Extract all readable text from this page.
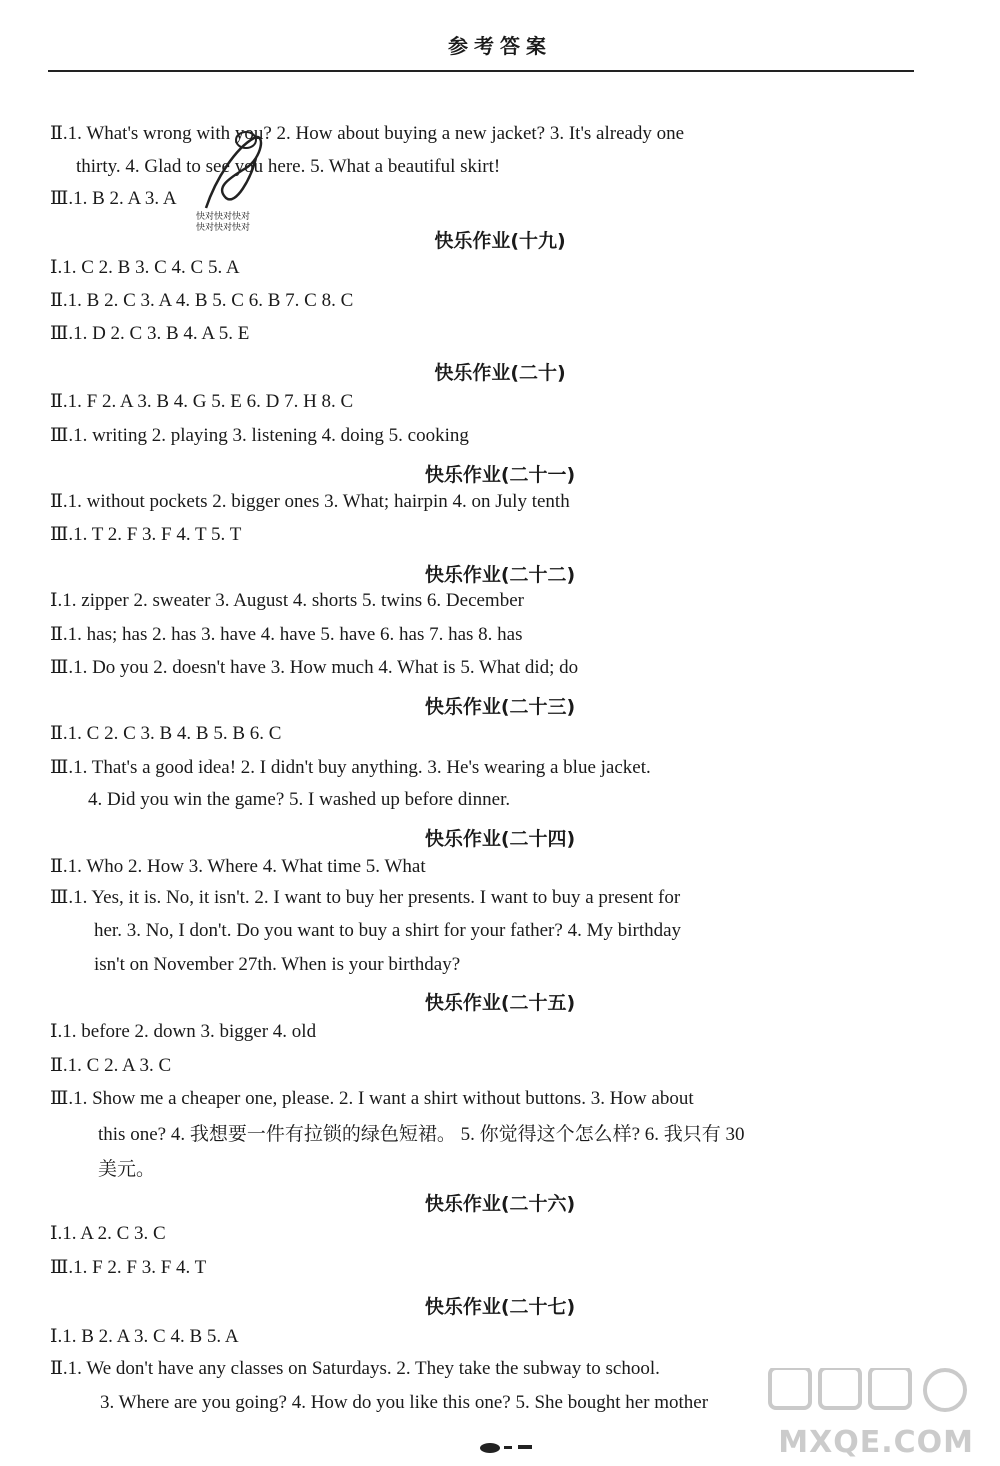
参考答案
Ⅱ.1. What's wrong with you? 2. How about buying a new jacket? 3. It's already one
thirty. 4. Glad to see you here. 5. What a beautiful skirt!
Ⅲ.1. B 2. A 3. A
快对快对快对
快对快对快对
快乐作业(十九)
Ⅰ.1. C 2. B 3. C 4. C 5. A
Ⅱ.1. B 2. C 3. A 4. B 5. C 6. B 7. C 8. C
Ⅲ.1. D 2. C 3. B 4. A 5. E
快乐作业(二十)
Ⅱ.1. F 2. A 3. B 4. G 5. E 6. D 7. H 8. C
Ⅲ.1. writing 2. playing 3. listening 4. doing 5. cooking
快乐作业(二十一)
Ⅱ.1. without pockets 2. bigger ones 3. What; hairpin 4. on July tenth
Ⅲ.1. T 2. F 3. F 4. T 5. T
快乐作业(二十二)
Ⅰ.1. zipper 2. sweater 3. August 4. shorts 5. twins 6. December
Ⅱ.1. has; has 2. has 3. have 4. have 5. have 6. has 7. has 8. has
Ⅲ.1. Do you 2. doesn't have 3. How much 4. What is 5. What did; do
快乐作业(二十三)
Ⅱ.1. C 2. C 3. B 4. B 5. B 6. C
Ⅲ.1. That's a good idea! 2. I didn't buy anything. 3. He's wearing a blue jacket.
4. Did you win the game? 5. I washed up before dinner.
快乐作业(二十四)
Ⅱ.1. Who 2. How 3. Where 4. What time 5. What
Ⅲ.1. Yes, it is. No, it isn't. 2. I want to buy her presents. I want to buy a present for
her. 3. No, I don't. Do you want to buy a shirt for your father? 4. My birthday
isn't on November 27th. When is your birthday?
快乐作业(二十五)
Ⅰ.1. before 2. down 3. bigger 4. old
Ⅱ.1. C 2. A 3. C
Ⅲ.1. Show me a cheaper one, please. 2. I want a shirt without buttons. 3. How about
this one? 4. 我想要一件有拉锁的绿色短裙。 5. 你觉得这个怎么样? 6. 我只有 30
美元。
快乐作业(二十六)
Ⅰ.1. A 2. C 3. C
Ⅲ.1. F 2. F 3. F 4. T
快乐作业(二十七)
Ⅰ.1. B 2. A 3. C 4. B 5. A
Ⅱ.1. We don't have any classes on Saturdays. 2. They take the subway to school.
3. Where are you going? 4. How do you like this one? 5. She bought her mother
MXQE.COM
